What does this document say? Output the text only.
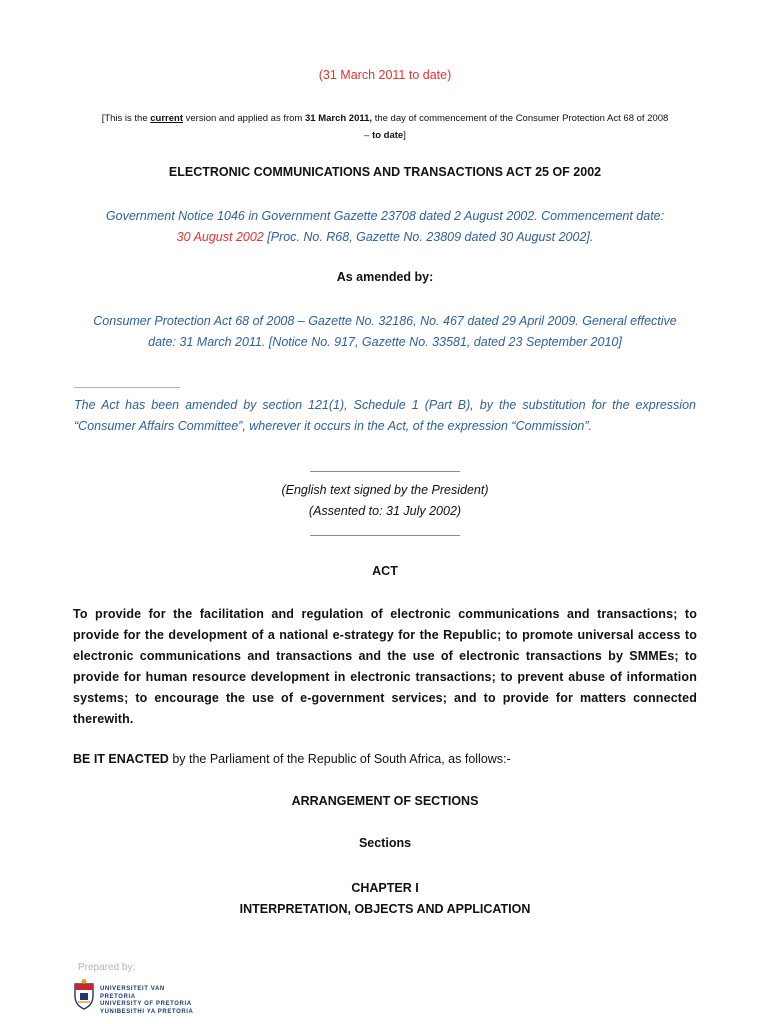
(31 March 2011 to date)
[This is the current version and applied as from 31 March 2011, the day of commencement of the Consumer Protection Act 68 of 2008
– to date]
ELECTRONIC COMMUNICATIONS AND TRANSACTIONS ACT 25 OF 2002
Government Notice 1046 in Government Gazette 23708 dated 2 August 2002. Commencement date:
30 August 2002 [Proc. No. R68, Gazette No. 23809 dated 30 August 2002].
As amended by:
Consumer Protection Act 68 of 2008 – Gazette No. 32186, No. 467 dated 29 April 2009. General effective
date: 31 March 2011. [Notice No. 917, Gazette No. 33581, dated 23 September 2010]
The Act has been amended by section 121(1), Schedule 1 (Part B), by the substitution for the expression “Consumer Affairs Committee”, wherever it occurs in the Act, of the expression “Commission”.
(English text signed by the President)
(Assented to: 31 July 2002)
ACT
To provide for the facilitation and regulation of electronic communications and transactions; to provide for the development of a national e-strategy for the Republic; to promote universal access to electronic communications and transactions and the use of electronic transactions by SMMEs; to provide for human resource development in electronic transactions; to prevent abuse of information systems; to encourage the use of e-government services; and to provide for matters connected therewith.
BE IT ENACTED by the Parliament of the Republic of South Africa, as follows:-
ARRANGEMENT OF SECTIONS
Sections
CHAPTER I
INTERPRETATION, OBJECTS AND APPLICATION
Prepared by:
UNIVERSITEIT VAN PRETORIA
UNIVERSITY OF PRETORIA
YUNIBESITHI YA PRETORIA
